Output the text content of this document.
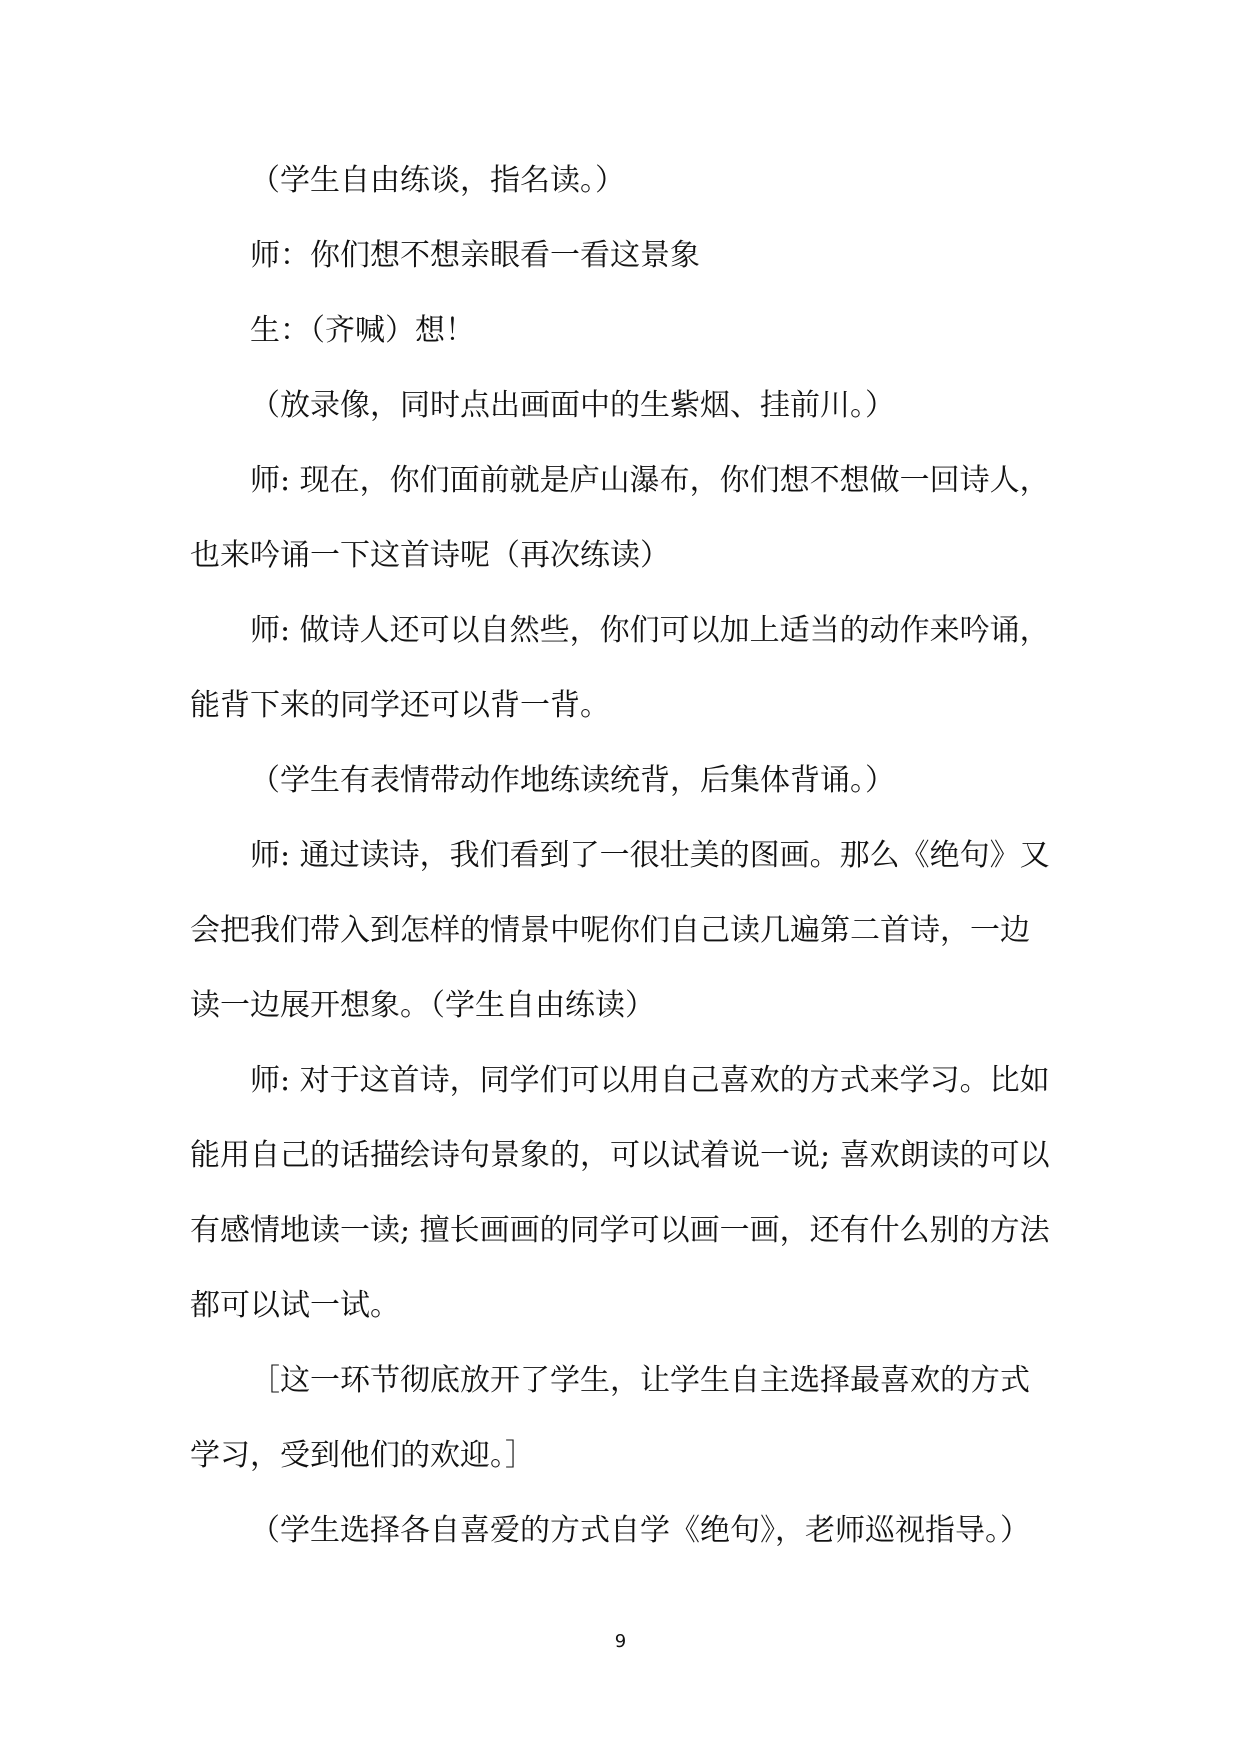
（学生自由练谈，指名读。）

师：你们想不想亲眼看一看这景象

生：（齐喊）想！

（放录像，同时点出画面中的生紫烟、挂前川。）

师: 现在，你们面前就是庐山瀑布，你们想不想做一回诗人，也来吟诵一下这首诗呢（再次练读）

师: 做诗人还可以自然些，你们可以加上适当的动作来吟诵，能背下来的同学还可以背一背。

（学生有表情带动作地练读统背，后集体背诵。）

师: 通过读诗，我们看到了一很壮美的图画。那么《绝句》又会把我们带入到怎样的情景中呢你们自己读几遍第二首诗，一边读一边展开想象。（学生自由练读）

师: 对于这首诗，同学们可以用自己喜欢的方式来学习。比如能用自己的话描绘诗句景象的，可以试着说一说; 喜欢朗读的可以有感情地读一读; 擅长画画的同学可以画一画，还有什么别的方法都可以试一试。

［这一环节彻底放开了学生，让学生自主选择最喜欢的方式学习，受到他们的欢迎。］

（学生选择各自喜爱的方式自学《绝句》，老师巡视指导。）

9
